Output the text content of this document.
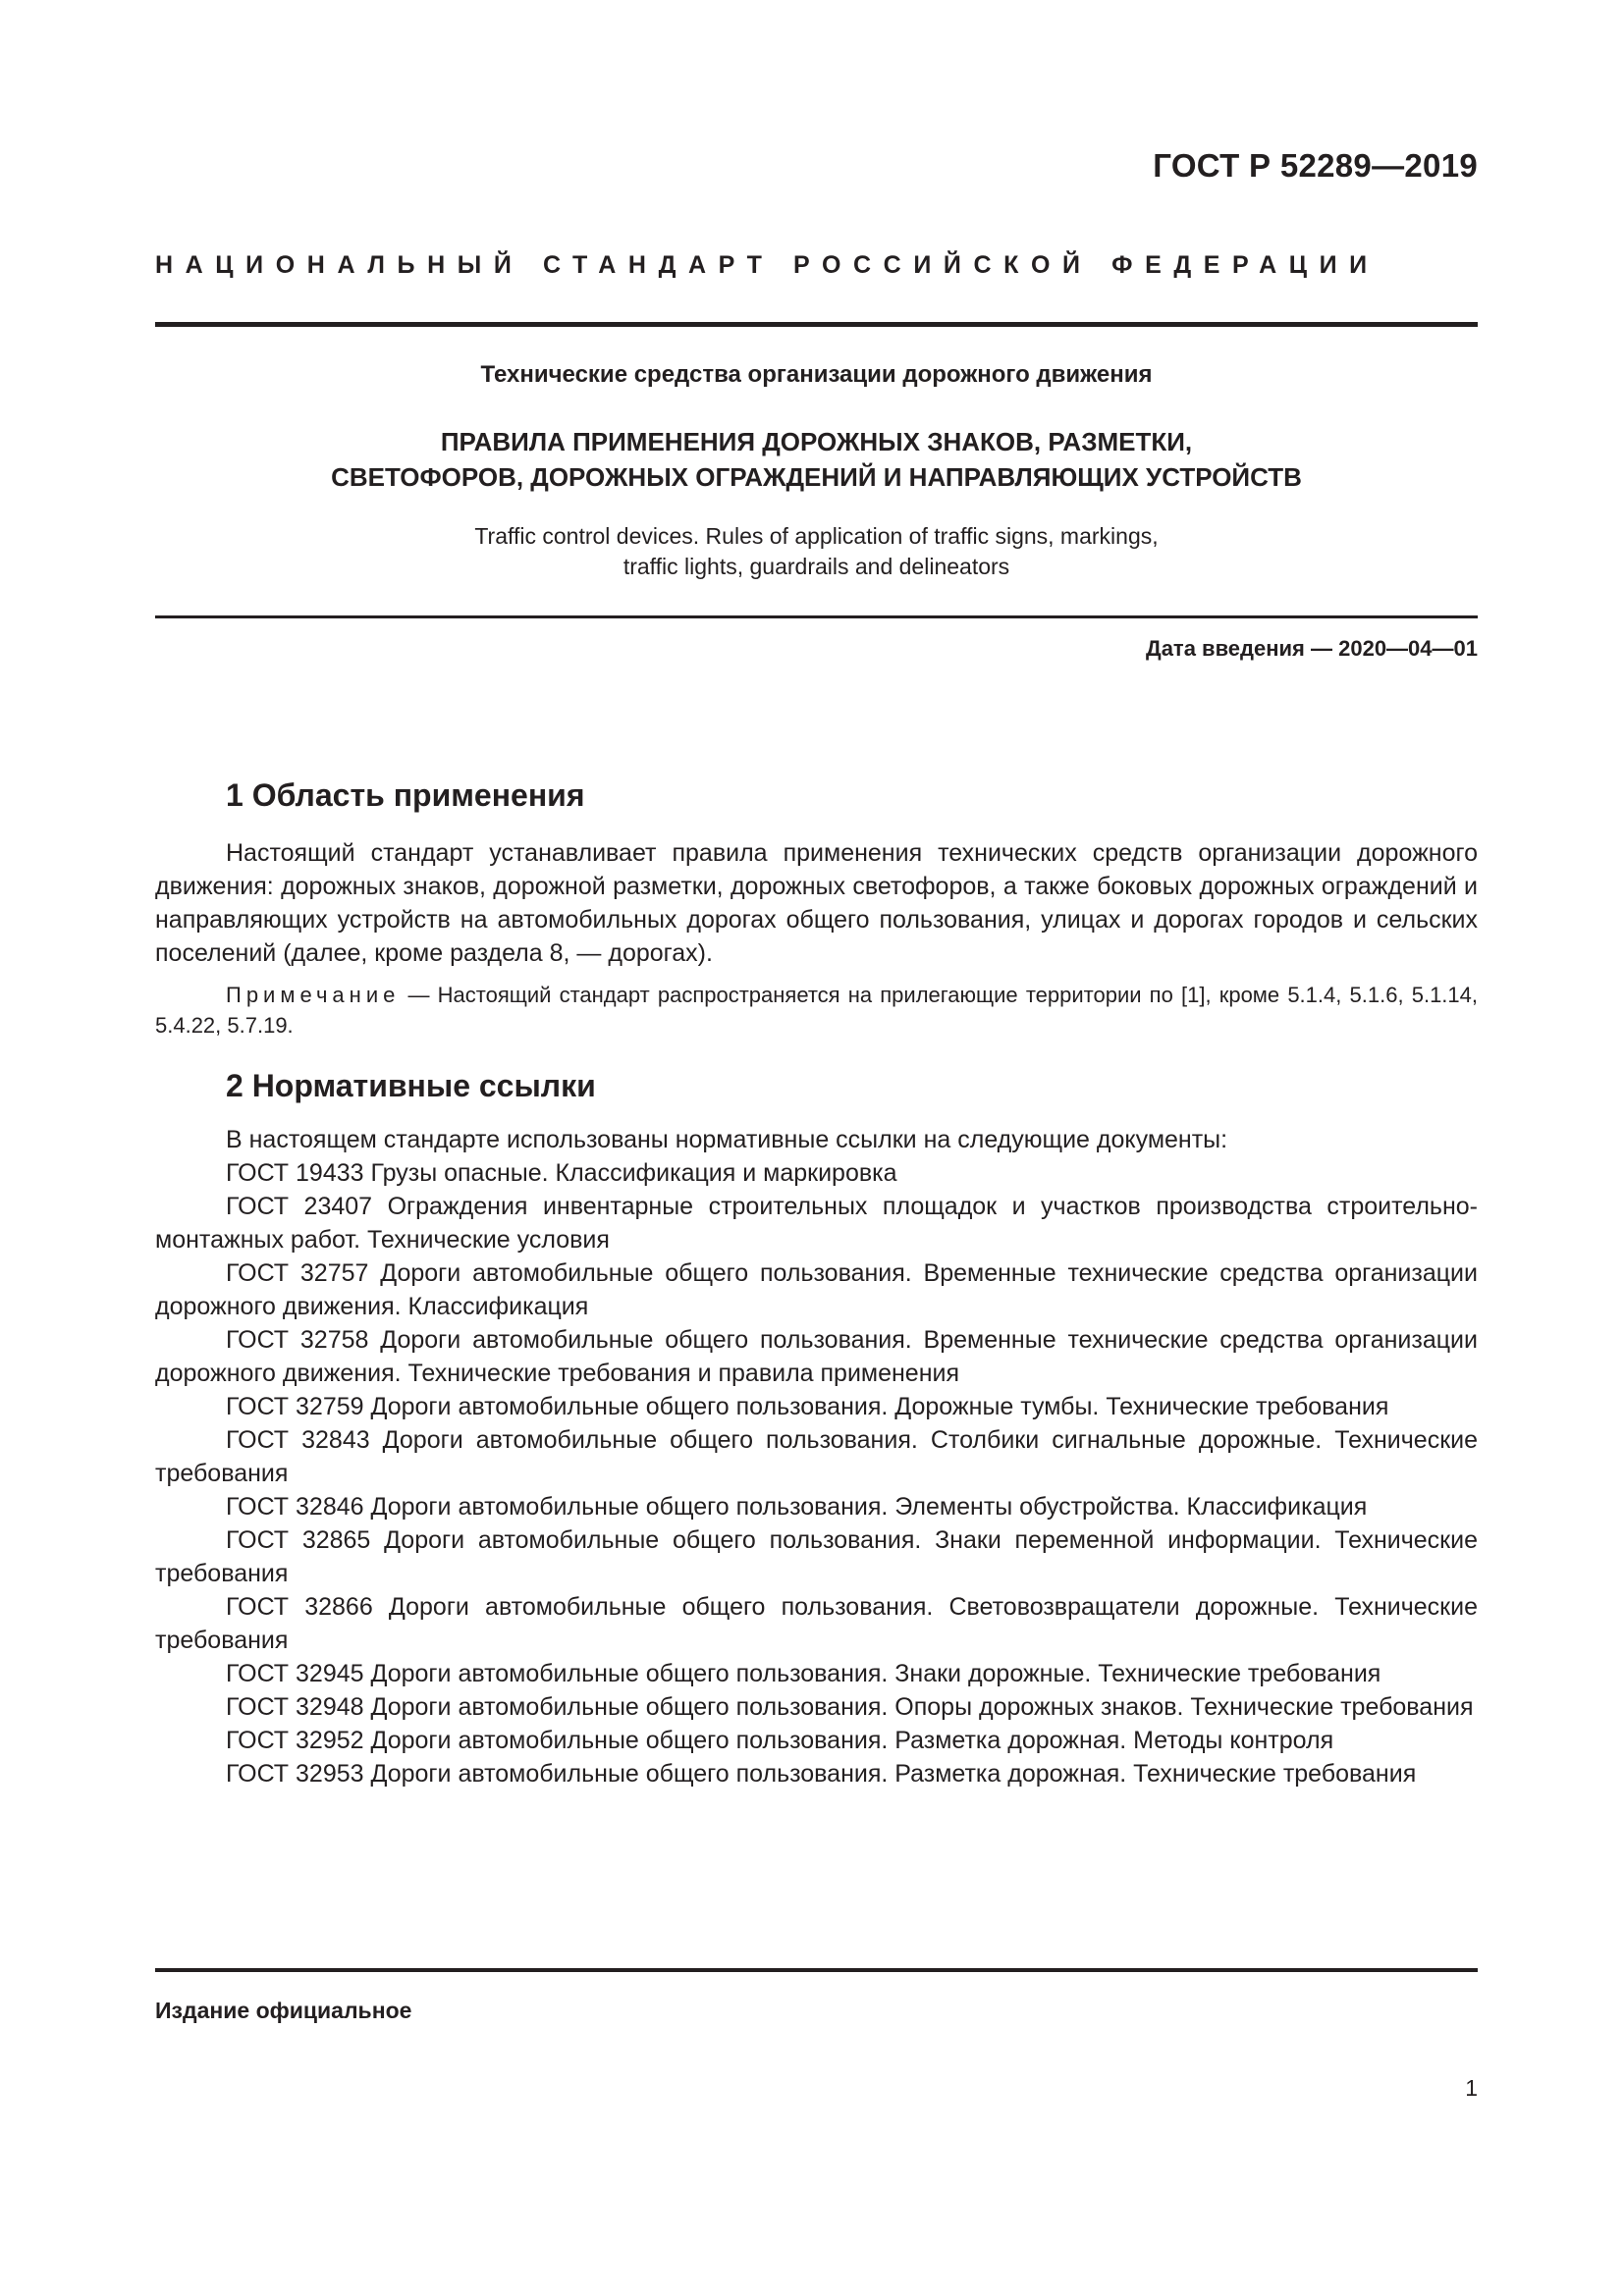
ГОСТ Р 52289—2019
НАЦИОНАЛЬНЫЙ СТАНДАРТ РОССИЙСКОЙ ФЕДЕРАЦИИ
Технические средства организации дорожного движения
ПРАВИЛА ПРИМЕНЕНИЯ ДОРОЖНЫХ ЗНАКОВ, РАЗМЕТКИ,
СВЕТОФОРОВ, ДОРОЖНЫХ ОГРАЖДЕНИЙ И НАПРАВЛЯЮЩИХ УСТРОЙСТВ
Traffic control devices. Rules of application of traffic signs, markings,
traffic lights, guardrails and delineators
Дата введения — 2020—04—01
1 Область применения

Настоящий стандарт устанавливает правила применения технических средств организации дорожного движения: дорожных знаков, дорожной разметки, дорожных светофоров, а также боковых дорожных ограждений и направляющих устройств на автомобильных дорогах общего пользования, улицах и дорогах городов и сельских поселений (далее, кроме раздела 8, — дорогах).

Примечание — Настоящий стандарт распространяется на прилегающие территории по [1], кроме 5.1.4, 5.1.6, 5.1.14, 5.4.22, 5.7.19.

2 Нормативные ссылки

В настоящем стандарте использованы нормативные ссылки на следующие документы:

ГОСТ 19433 Грузы опасные. Классификация и маркировка
ГОСТ 23407 Ограждения инвентарные строительных площадок и участков производства строительно-монтажных работ. Технические условия
ГОСТ 32757 Дороги автомобильные общего пользования. Временные технические средства организации дорожного движения. Классификация
ГОСТ 32758 Дороги автомобильные общего пользования. Временные технические средства организации дорожного движения. Технические требования и правила применения
ГОСТ 32759 Дороги автомобильные общего пользования. Дорожные тумбы. Технические требования
ГОСТ 32843 Дороги автомобильные общего пользования. Столбики сигнальные дорожные. Технические требования
ГОСТ 32846 Дороги автомобильные общего пользования. Элементы обустройства. Классификация
ГОСТ 32865 Дороги автомобильные общего пользования. Знаки переменной информации. Технические требования
ГОСТ 32866 Дороги автомобильные общего пользования. Световозвращатели дорожные. Технические требования
ГОСТ 32945 Дороги автомобильные общего пользования. Знаки дорожные. Технические требования
ГОСТ 32948 Дороги автомобильные общего пользования. Опоры дорожных знаков. Технические требования
ГОСТ 32952 Дороги автомобильные общего пользования. Разметка дорожная. Методы контроля
ГОСТ 32953 Дороги автомобильные общего пользования. Разметка дорожная. Технические требования
Издание официальное
1
